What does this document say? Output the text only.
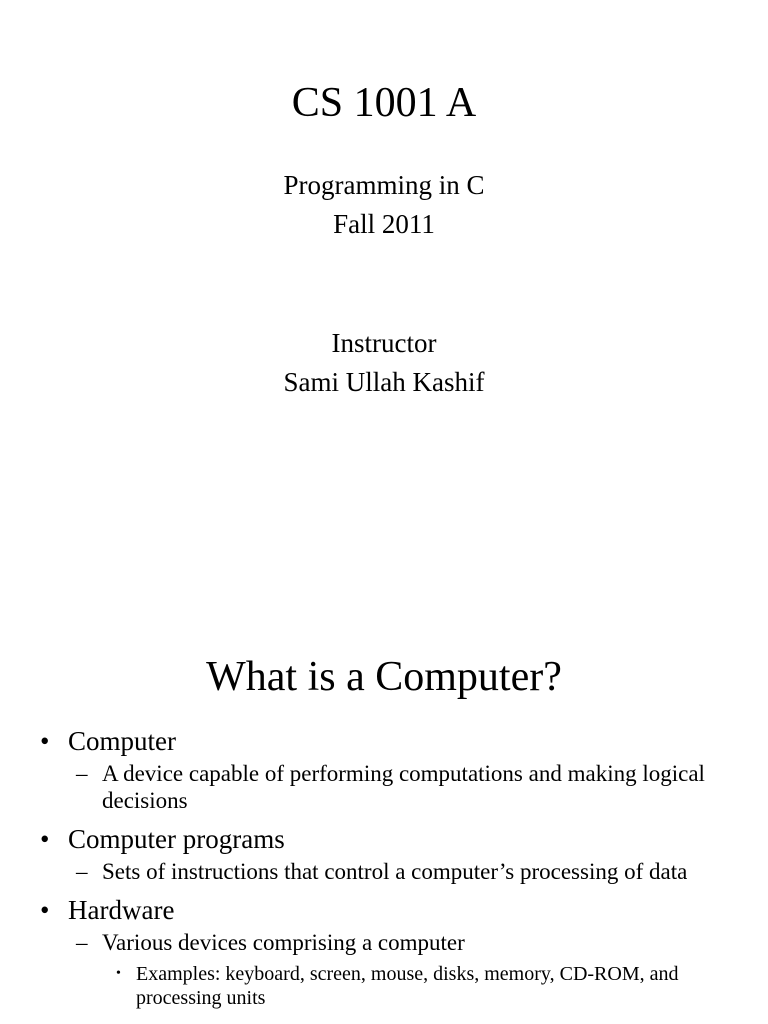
CS 1001 A
Programming in C
Fall 2011
Instructor
Sami Ullah Kashif
What is a Computer?
• Computer
– A device capable of performing computations and making logical decisions
• Computer programs
– Sets of instructions that control a computer’s processing of data
• Hardware
– Various devices comprising a computer
• Examples: keyboard, screen, mouse, disks, memory, CD-ROM, and processing units
